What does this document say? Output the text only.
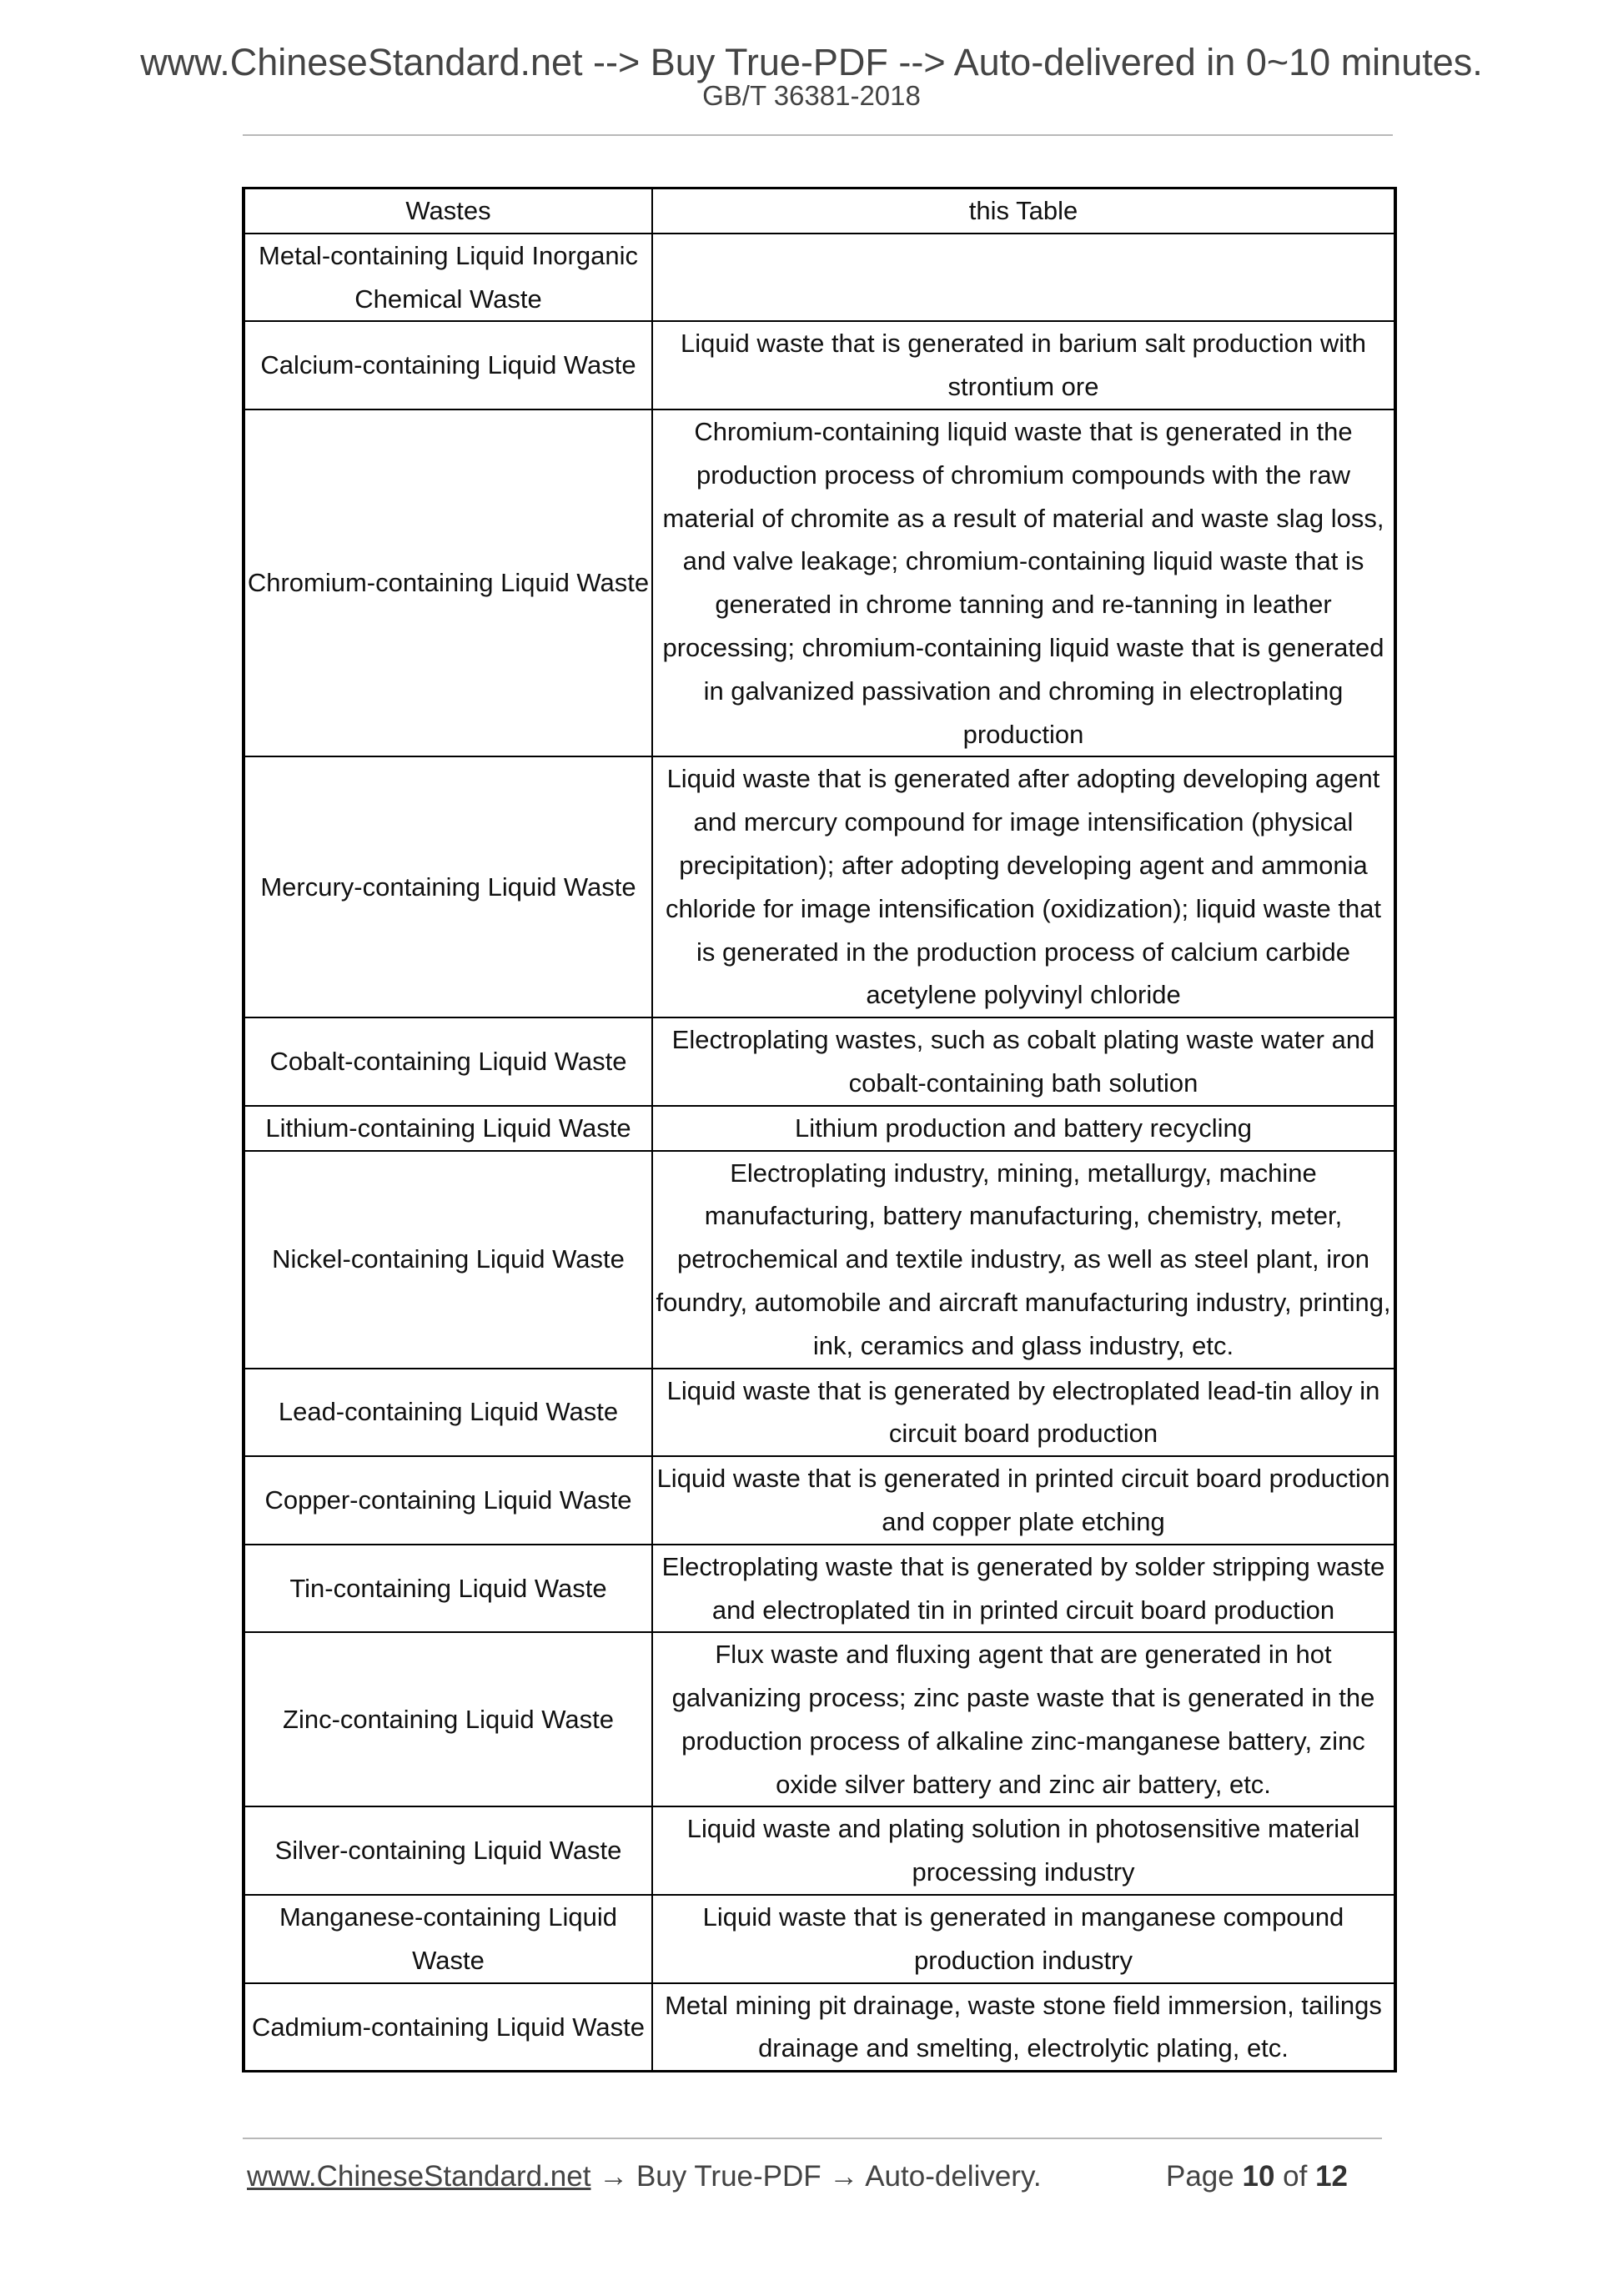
www.ChineseStandard.net --> Buy True-PDF --> Auto-delivered in 0~10 minutes.
GB/T 36381-2018
Wastes	this Table
Metal-containing Liquid Inorganic Chemical Waste	
Calcium-containing Liquid Waste	Liquid waste that is generated in barium salt production with strontium ore
Chromium-containing Liquid Waste	Chromium-containing liquid waste that is generated in the production process of chromium compounds with the raw material of chromite as a result of material and waste slag loss, and valve leakage; chromium-containing liquid waste that is generated in chrome tanning and re-tanning in leather processing; chromium-containing liquid waste that is generated in galvanized passivation and chroming in electroplating production
Mercury-containing Liquid Waste	Liquid waste that is generated after adopting developing agent and mercury compound for image intensification (physical precipitation); after adopting developing agent and ammonia chloride for image intensification (oxidization); liquid waste that is generated in the production process of calcium carbide acetylene polyvinyl chloride
Cobalt-containing Liquid Waste	Electroplating wastes, such as cobalt plating waste water and cobalt-containing bath solution
Lithium-containing Liquid Waste	Lithium production and battery recycling
Nickel-containing Liquid Waste	Electroplating industry, mining, metallurgy, machine manufacturing, battery manufacturing, chemistry, meter, petrochemical and textile industry, as well as steel plant, iron foundry, automobile and aircraft manufacturing industry, printing, ink, ceramics and glass industry, etc.
Lead-containing Liquid Waste	Liquid waste that is generated by electroplated lead-tin alloy in circuit board production
Copper-containing Liquid Waste	Liquid waste that is generated in printed circuit board production and copper plate etching
Tin-containing Liquid Waste	Electroplating waste that is generated by solder stripping waste and electroplated tin in printed circuit board production
Zinc-containing Liquid Waste	Flux waste and fluxing agent that are generated in hot galvanizing process; zinc paste waste that is generated in the production process of alkaline zinc-manganese battery, zinc oxide silver battery and zinc air battery, etc.
Silver-containing Liquid Waste	Liquid waste and plating solution in photosensitive material processing industry
Manganese-containing Liquid Waste	Liquid waste that is generated in manganese compound production industry
Cadmium-containing Liquid Waste	Metal mining pit drainage, waste stone field immersion, tailings drainage and smelting, electrolytic plating, etc.
www.ChineseStandard.net → Buy True-PDF → Auto-delivery.	Page 10 of 12
